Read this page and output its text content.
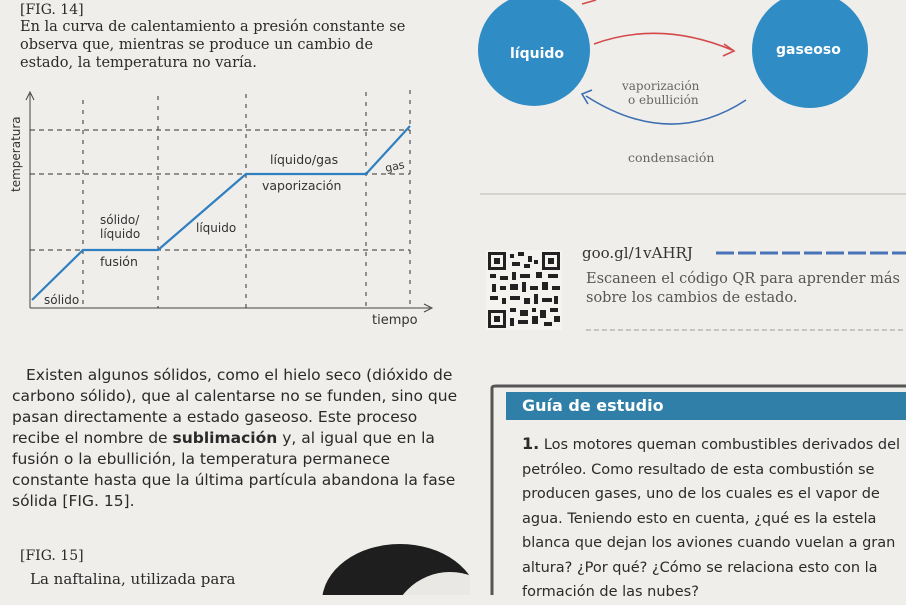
[FIG. 14]
En la curva de calentamiento a presión constante se observa que, mientras se produce un cambio de estado, la temperatura no varía.
temperatura
tiempo
sólido
fusión
sólido/
líquido	líquido
líquido/gas
vaporización
gas
líquido	gaseoso
vaporización
o ebullición
condensación
goo.gl/1vAHRJ
Escaneen el código QR para aprender más sobre los cambios de estado.
Existen algunos sólidos, como el hielo seco (dióxido de carbono sólido), que al calentarse no se funden, sino que pasan directamente a estado gaseoso. Este proceso recibe el nombre de sublimación y, al igual que en la fusión o la ebullición, la temperatura permanece constante hasta que la última partícula abandona la fase sólida [FIG. 15].
[FIG. 15]
La naftalina, utilizada para
Guía de estudio
1. Los motores queman combustibles derivados del petróleo. Como resultado de esta combustión se producen gases, uno de los cuales es el vapor de agua. Teniendo esto en cuenta, ¿qué es la estela blanca que dejan los aviones cuando vuelan a gran altura? ¿Por qué? ¿Cómo se relaciona esto con la formación de las nubes?
